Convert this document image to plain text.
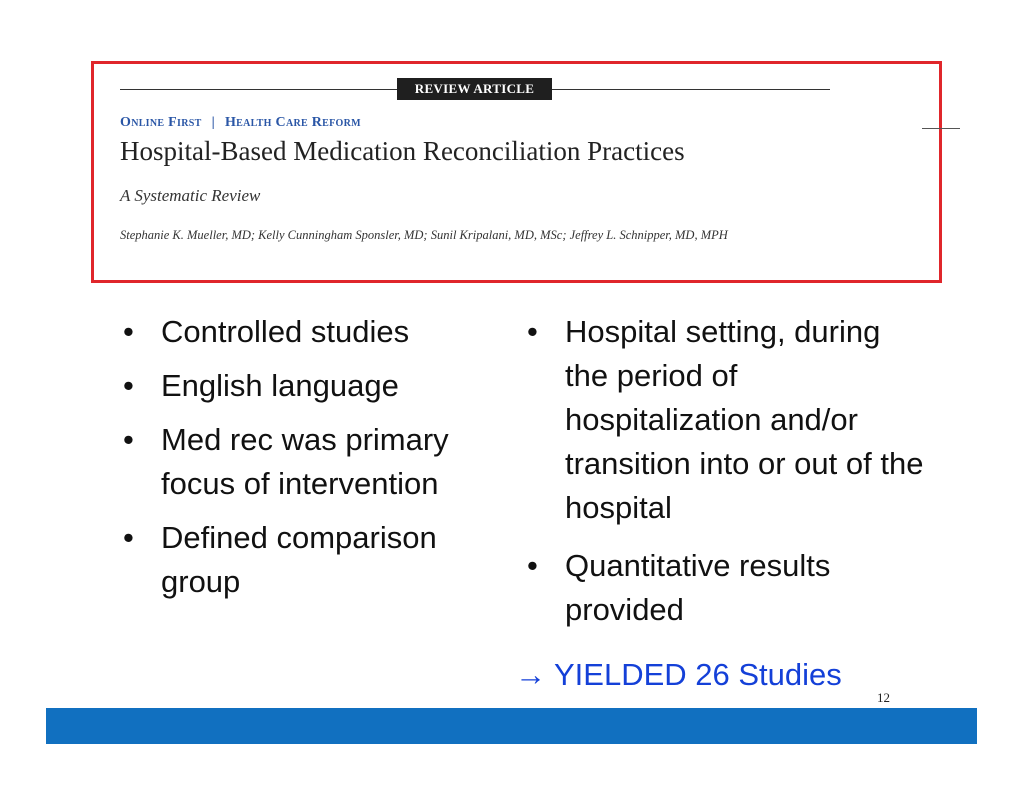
REVIEW ARTICLE
Online First | Health Care Reform
Hospital-Based Medication Reconciliation Practices
A Systematic Review
Stephanie K. Mueller, MD; Kelly Cunningham Sponsler, MD; Sunil Kripalani, MD, MSc; Jeffrey L. Schnipper, MD, MPH
• Controlled studies
• English language
• Med rec was primary focus of intervention
• Defined comparison group
• Hospital setting, during the period of hospitalization and/or transition into or out of the hospital
• Quantitative results provided
→ YIELDED 26 Studies
12
